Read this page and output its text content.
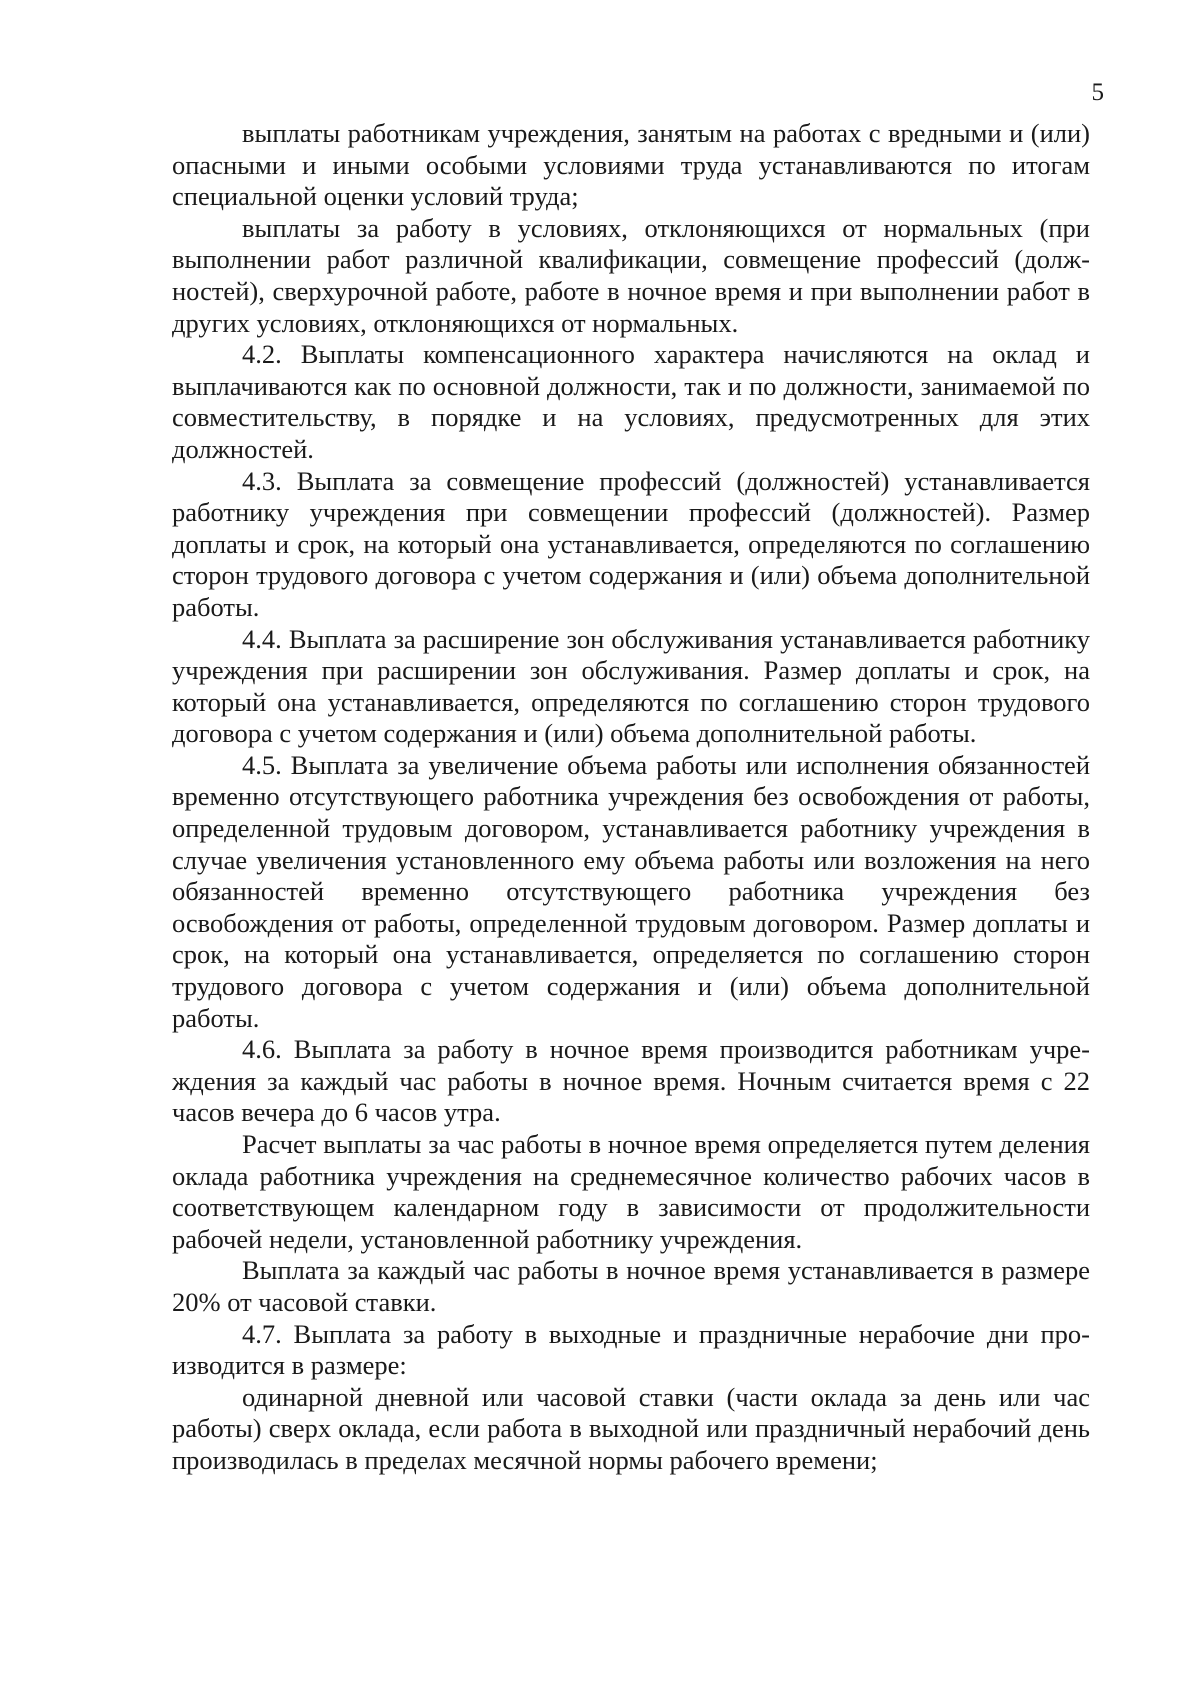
5

выплаты работникам учреждения, занятым на работах с вредными и (или) опасными и иными особыми условиями труда устанавливаются по итогам специальной оценки условий труда;

выплаты за работу в условиях, отклоняющихся от нормальных (при выполнении работ различной квалификации, совмещение профессий (должностей), сверхурочной работе, работе в ночное время и при выполнении работ в других условиях, отклоняющихся от нормальных.

4.2. Выплаты компенсационного характера начисляются на оклад и выплачиваются как по основной должности, так и по должности, занимаемой по совместительству, в порядке и на условиях, предусмотренных для этих должностей.

4.3. Выплата за совмещение профессий (должностей) устанавливается работнику учреждения при совмещении профессий (должностей). Размер доплаты и срок, на который она устанавливается, определяются по соглашению сторон трудового договора с учетом содержания и (или) объема дополнительной работы.

4.4. Выплата за расширение зон обслуживания устанавливается работнику учреждения при расширении зон обслуживания. Размер доплаты и срок, на который она устанавливается, определяются по соглашению сторон трудового договора с учетом содержания и (или) объема дополнительной работы.

4.5. Выплата за увеличение объема работы или исполнения обязанностей временно отсутствующего работника учреждения без освобождения от работы, определенной трудовым договором, устанавливается работнику учреждения в случае увеличения установленного ему объема работы или возложения на него обязанностей временно отсутствующего работника учреждения без освобождения от работы, определенной трудовым договором. Размер доплаты и срок, на который она устанавливается, определяется по соглашению сторон трудового договора с учетом содержания и (или) объема дополнительной работы.

4.6. Выплата за работу в ночное время производится работникам учреждения за каждый час работы в ночное время. Ночным считается время с 22 часов вечера до 6 часов утра.

Расчет выплаты за час работы в ночное время определяется путем деления оклада работника учреждения на среднемесячное количество рабочих часов в соответствующем календарном году в зависимости от продолжительности рабочей недели, установленной работнику учреждения.

Выплата за каждый час работы в ночное время устанавливается в размере 20% от часовой ставки.

4.7. Выплата за работу в выходные и праздничные нерабочие дни производится в размере:

одинарной дневной или часовой ставки (части оклада за день или час работы) сверх оклада, если работа в выходной или праздничный нерабочий день производилась в пределах месячной нормы рабочего времени;
